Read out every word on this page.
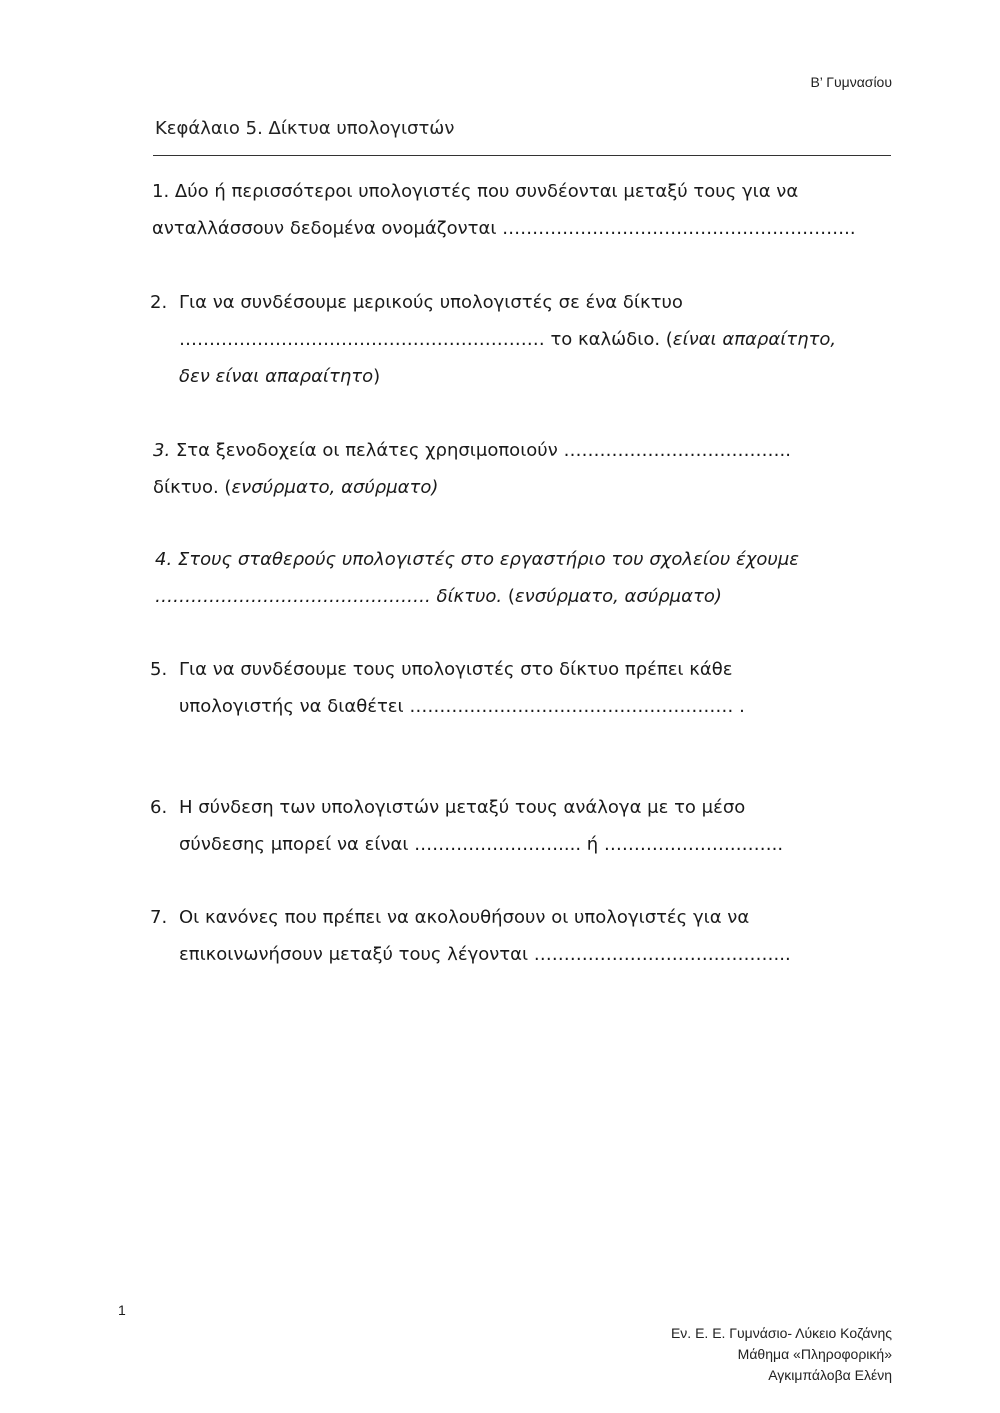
Β’ Γυμνασίου
Κεφάλαιο 5. Δίκτυα υπολογιστών
1. Δύο ή περισσότεροι υπολογιστές που συνδέονται μεταξύ τους για να
ανταλλάσσουν δεδομένα ονομάζονται …………………………………………………..
2. Για να συνδέσουμε μερικούς υπολογιστές σε ένα δίκτυο
…………………………….……………………… το καλώδιο. (είναι απαραίτητο,
δεν είναι απαραίτητο)
3. Στα ξενοδοχεία οι πελάτες χρησιμοποιούν ………………………………..
δίκτυο. (ενσύρματο, ασύρματο)
4. Στους σταθερούς υπολογιστές στο εργαστήριο του σχολείου έχουμε
………………………………………. δίκτυο. (ενσύρματο, ασύρματο)
5. Για να συνδέσουμε τους υπολογιστές στο δίκτυο πρέπει κάθε
υπολογιστής να διαθέτει ……………………………………………… .
6. Η σύνδεση των υπολογιστών μεταξύ τους ανάλογα με το μέσο
σύνδεσης μπορεί να είναι …………………….... ή ………………….……..
7. Οι κανόνες που πρέπει να ακολουθήσουν οι υπολογιστές για να
επικοινωνήσουν μεταξύ τους λέγονται ………………………….………...
1
Εν. Ε. Ε. Γυμνάσιο- Λύκειο Κοζάνης
Μάθημα «Πληροφορική»
Αγκιμπάλοβα Ελένη
